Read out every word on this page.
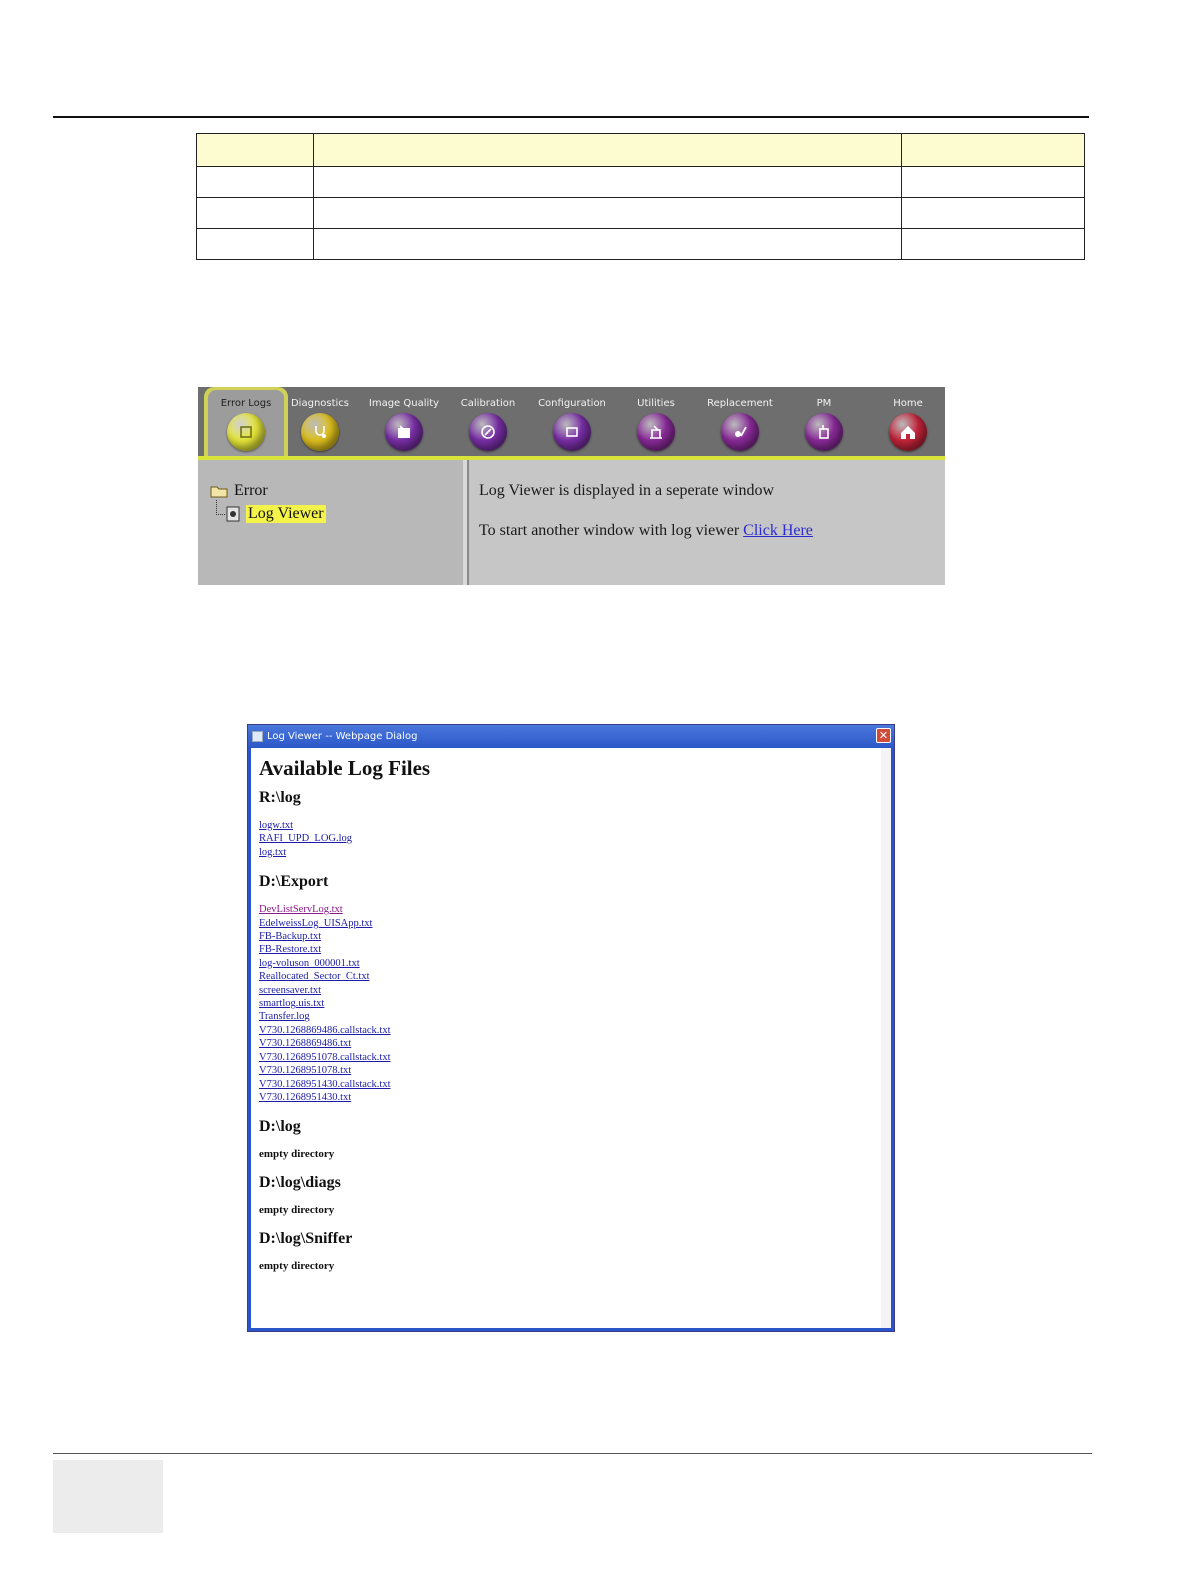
Error Logs	Diagnostics	Image Quality	Calibration	Configuration	Utilities	Replacement	PM	Home
Error
Log Viewer
Log Viewer is displayed in a seperate window
To start another window with log viewer Click Here
Log Viewer -- Webpage Dialog	✕
Available Log Files
R:\log
logw.txt
RAFI_UPD_LOG.log
log.txt
D:\Export
DevListServLog.txt
EdelweissLog_UISApp.txt
FB-Backup.txt
FB-Restore.txt
log-voluson_000001.txt
Reallocated_Sector_Ct.txt
screensaver.txt
smartlog.uis.txt
Transfer.log
V730.1268869486.callstack.txt
V730.1268869486.txt
V730.1268951078.callstack.txt
V730.1268951078.txt
V730.1268951430.callstack.txt
V730.1268951430.txt
D:\log
empty directory
D:\log\diags
empty directory
D:\log\Sniffer
empty directory
